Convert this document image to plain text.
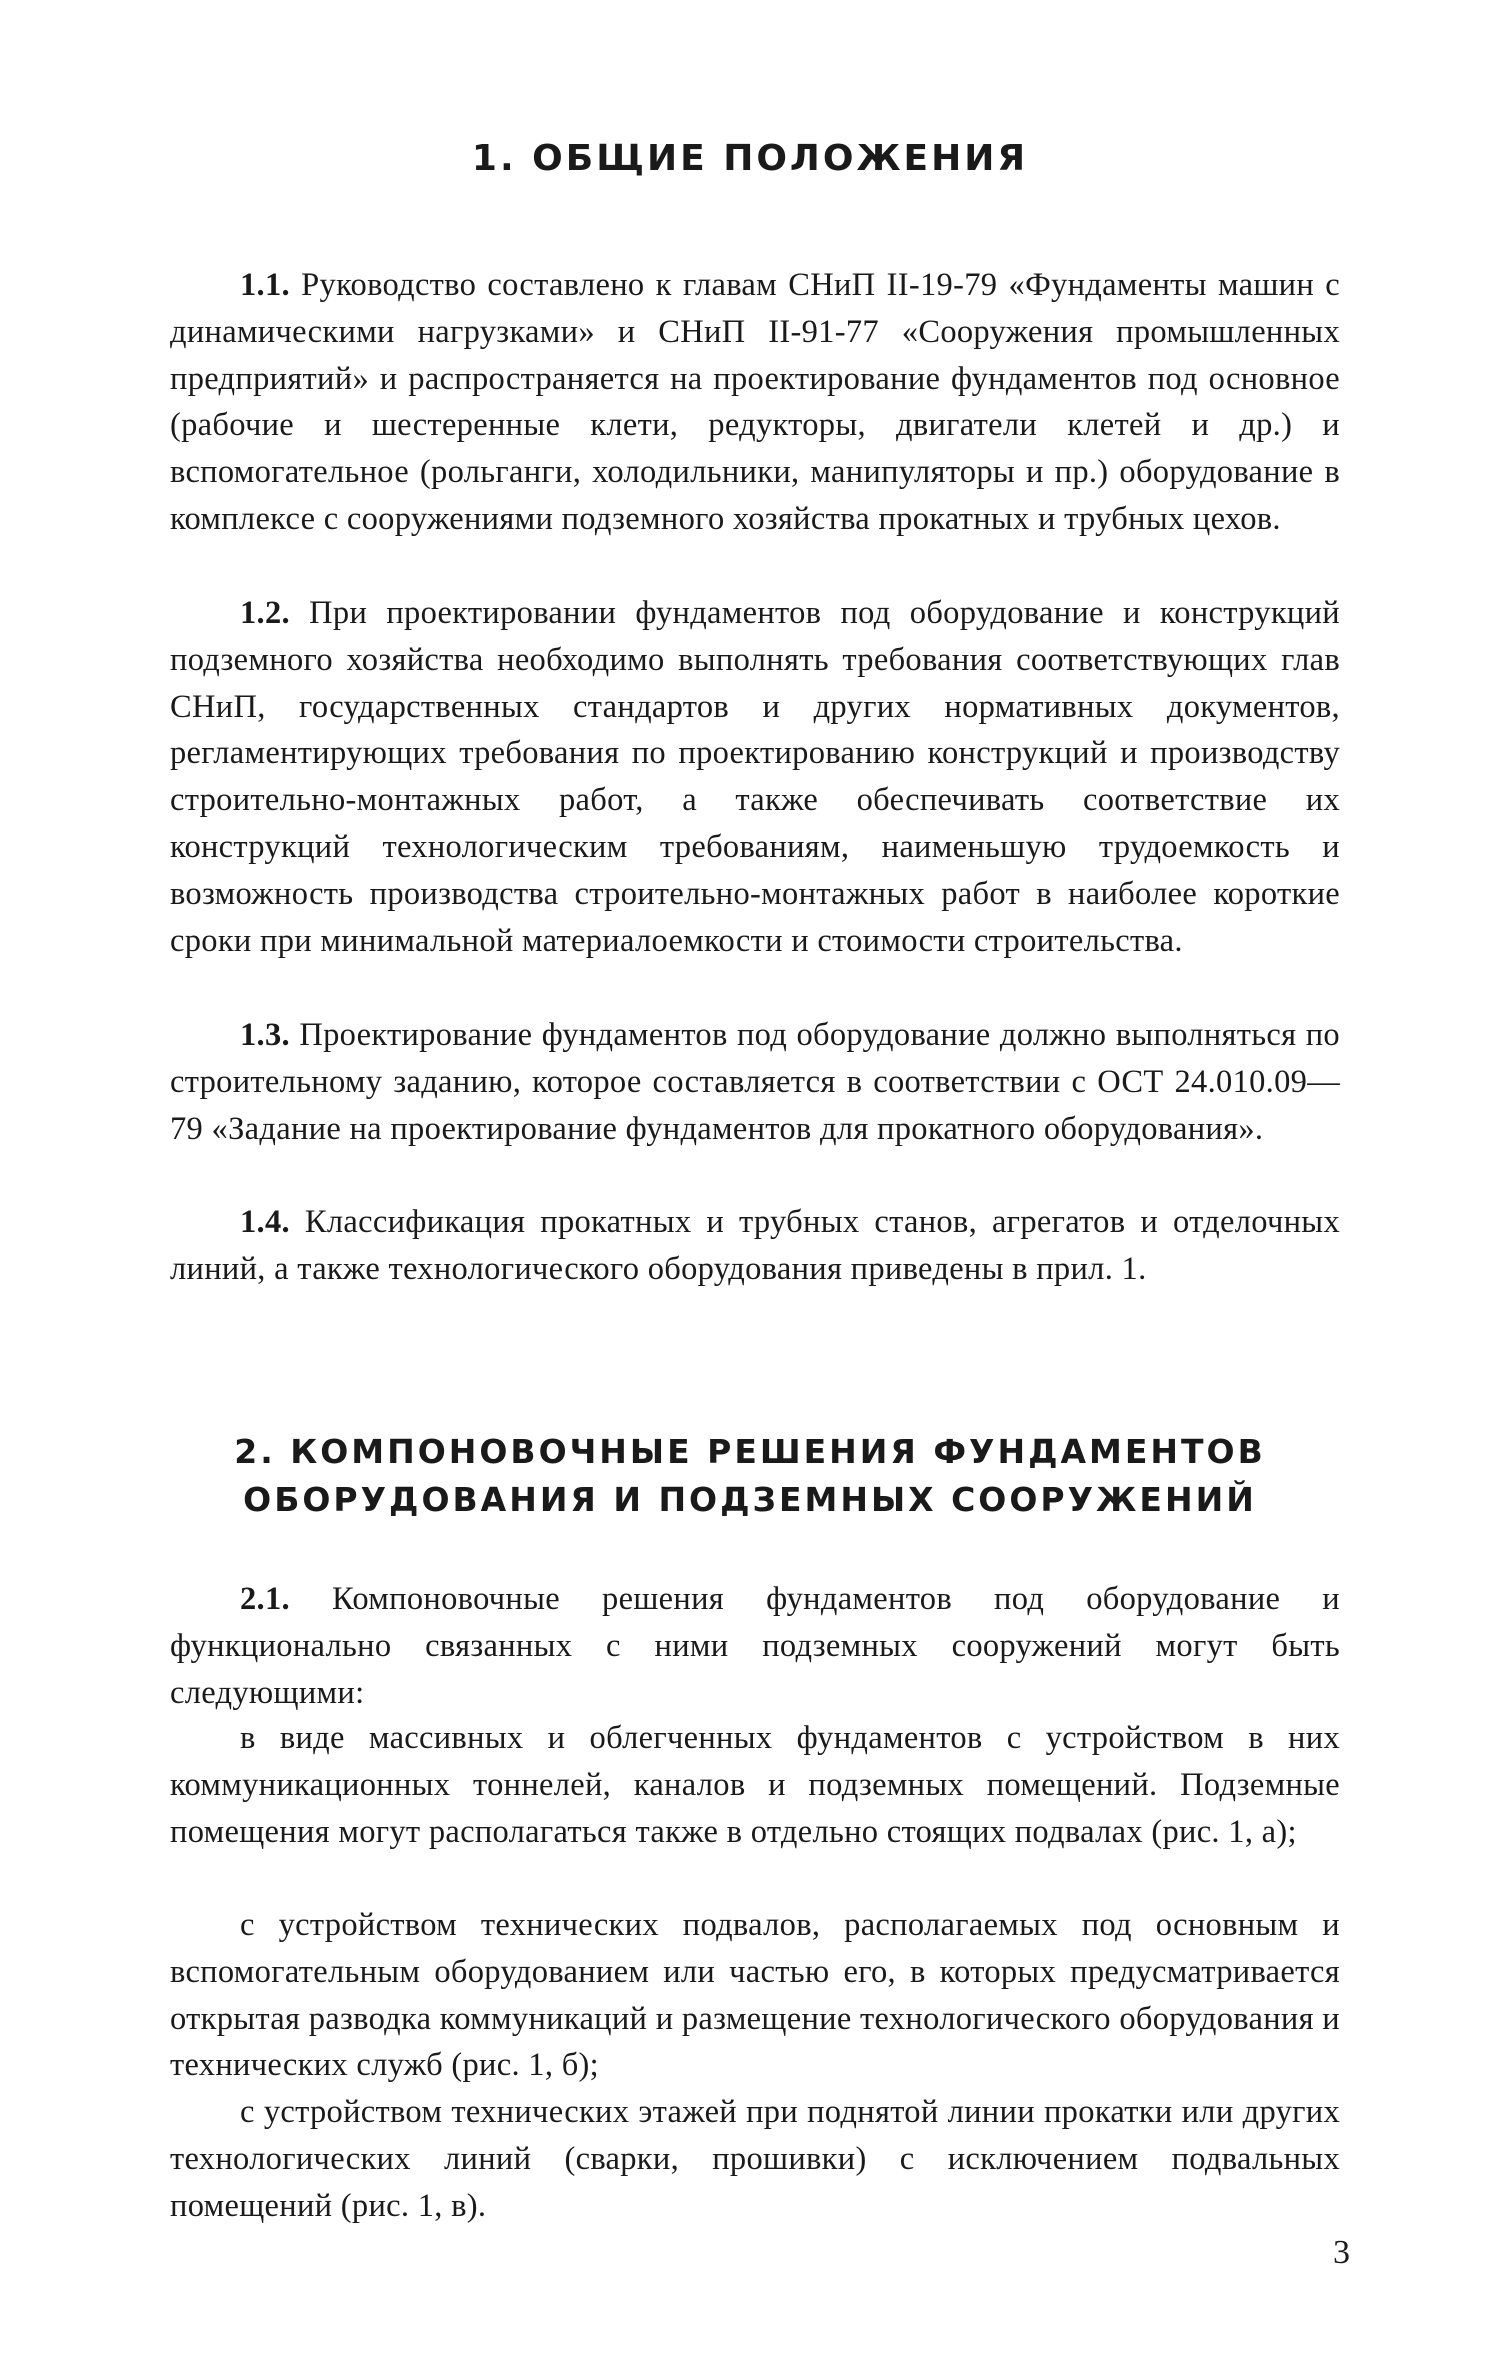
1. ОБЩИЕ ПОЛОЖЕНИЯ
1.1. Руководство составлено к главам СНиП II-19-79 «Фундаменты машин с динамическими нагрузками» и СНиП II-91-77 «Сооружения промышленных предприятий» и распространяется на проектирование фундаментов под основное (рабочие и шестеренные клети, редукторы, двигатели клетей и др.) и вспомогательное (рольганги, холодильники, манипуляторы и пр.) оборудование в комплексе с сооружениями подземного хозяйства прокатных и трубных цехов.
1.2. При проектировании фундаментов под оборудование и конструкций подземного хозяйства необходимо выполнять требования соответствующих глав СНиП, государственных стандартов и других нормативных документов, регламентирующих требования по проектированию конструкций и производству строительно-монтажных работ, а также обеспечивать соответствие их конструкций технологическим требованиям, наименьшую трудоемкость и возможность производства строительно-монтажных работ в наиболее короткие сроки при минимальной материалоемкости и стоимости строительства.
1.3. Проектирование фундаментов под оборудование должно выполняться по строительному заданию, которое составляется в соответствии с ОСТ 24.010.09—79 «Задание на проектирование фундаментов для прокатного оборудования».
1.4. Классификация прокатных и трубных станов, агрегатов и отделочных линий, а также технологического оборудования приведены в прил. 1.
2. КОМПОНОВОЧНЫЕ РЕШЕНИЯ ФУНДАМЕНТОВ
ОБОРУДОВАНИЯ И ПОДЗЕМНЫХ СООРУЖЕНИЙ
2.1. Компоновочные решения фундаментов под оборудование и функционально связанных с ними подземных сооружений могут быть следующими:
в виде массивных и облегченных фундаментов с устройством в них коммуникационных тоннелей, каналов и подземных помещений. Подземные помещения могут располагаться также в отдельно стоящих подвалах (рис. 1, а);
с устройством технических подвалов, располагаемых под основным и вспомогательным оборудованием или частью его, в которых предусматривается открытая разводка коммуникаций и размещение технологического оборудования и технических служб (рис. 1, б);
с устройством технических этажей при поднятой линии прокатки или других технологических линий (сварки, прошивки) с исключением подвальных помещений (рис. 1, в).
3
